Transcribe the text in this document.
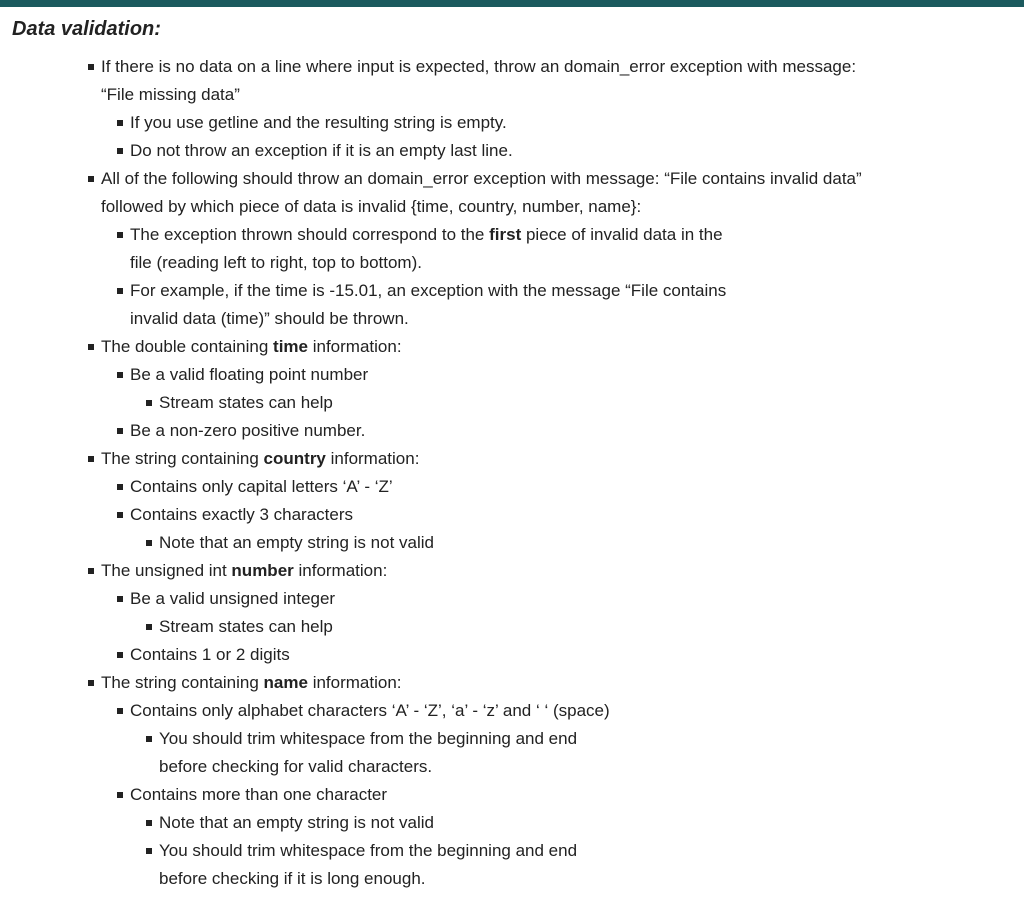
Data validation:
If there is no data on a line where input is expected, throw an domain_error exception with message: “File missing data”
If you use getline and the resulting string is empty.
Do not throw an exception if it is an empty last line.
All of the following should throw an domain_error exception with message: “File contains invalid data” followed by which piece of data is invalid {time, country, number, name}:
The exception thrown should correspond to the first piece of invalid data in the file (reading left to right, top to bottom).
For example, if the time is -15.01, an exception with the message “File contains invalid data (time)” should be thrown.
The double containing time information:
Be a valid floating point number
Stream states can help
Be a non-zero positive number.
The string containing country information:
Contains only capital letters ‘A’ - ‘Z’
Contains exactly 3 characters
Note that an empty string is not valid
The unsigned int number information:
Be a valid unsigned integer
Stream states can help
Contains 1 or 2 digits
The string containing name information:
Contains only alphabet characters ‘A’ - ‘Z’, ‘a’ - ‘z’ and ‘ ‘ (space)
You should trim whitespace from the beginning and end before checking for valid characters.
Contains more than one character
Note that an empty string is not valid
You should trim whitespace from the beginning and end before checking if it is long enough.
